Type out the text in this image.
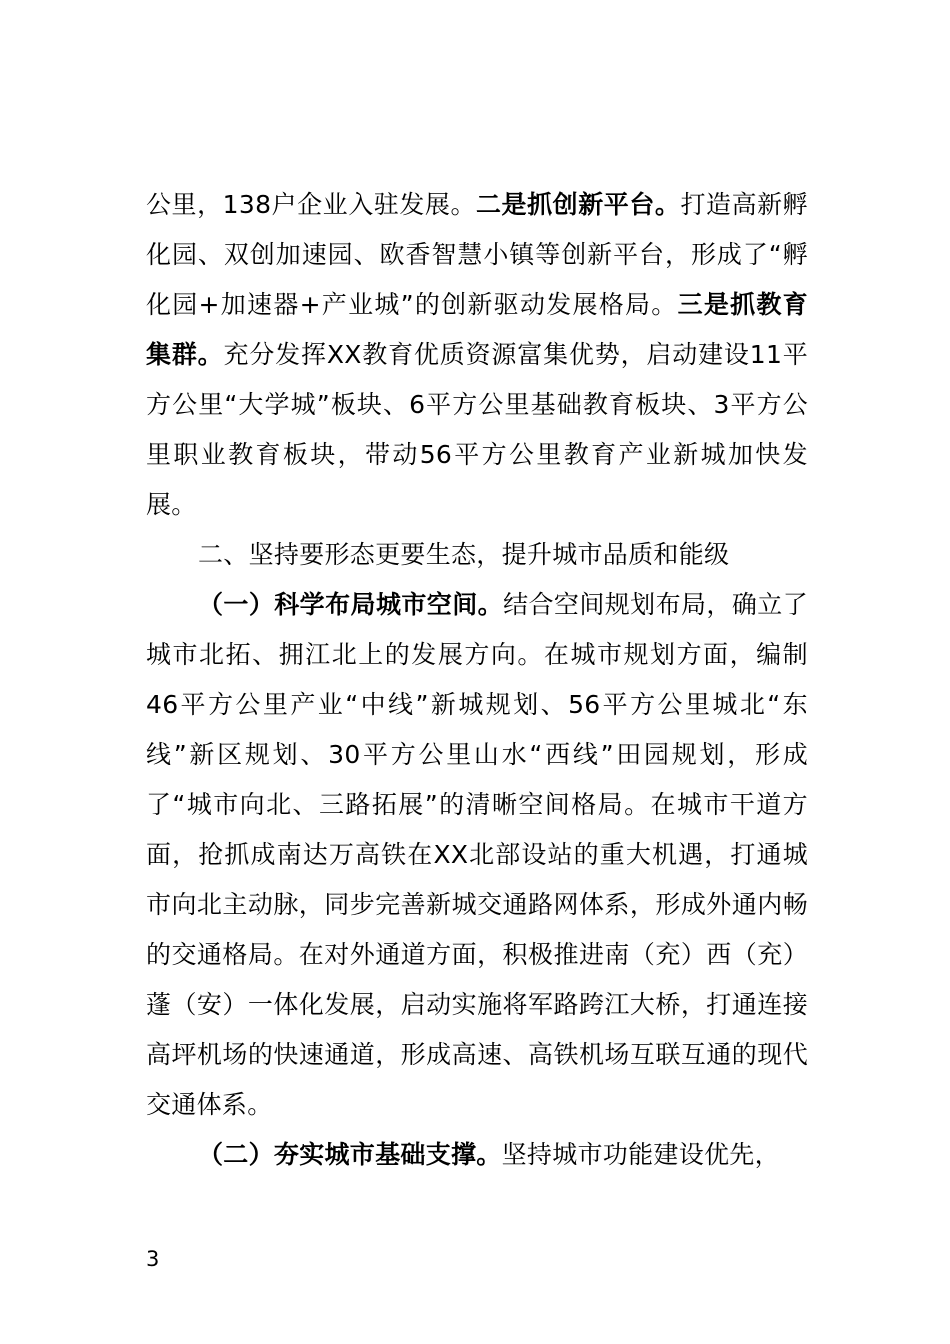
公里，138户企业入驻发展。二是抓创新平台。打造高新孵化园、双创加速园、欧香智慧小镇等创新平台，形成了“孵化园+加速器+产业城”的创新驱动发展格局。三是抓教育集群。充分发挥XX教育优质资源富集优势，启动建设11平方公里“大学城”板块、6平方公里基础教育板块、3平方公里职业教育板块，带动56平方公里教育产业新城加快发展。

二、坚持要形态更要生态，提升城市品质和能级

（一）科学布局城市空间。结合空间规划布局，确立了城市北拓、拥江北上的发展方向。在城市规划方面，编制46平方公里产业“中线”新城规划、56平方公里城北“东线”新区规划、30平方公里山水“西线”田园规划，形成了“城市向北、三路拓展”的清晰空间格局。在城市干道方面，抢抓成南达万高铁在XX北部设站的重大机遇，打通城市向北主动脉，同步完善新城交通路网体系，形成外通内畅的交通格局。在对外通道方面，积极推进南（充）西（充）蓬（安）一体化发展，启动实施将军路跨江大桥，打通连接高坪机场的快速通道，形成高速、高铁机场互联互通的现代交通体系。

（二）夯实城市基础支撑。坚持城市功能建设优先，

3
